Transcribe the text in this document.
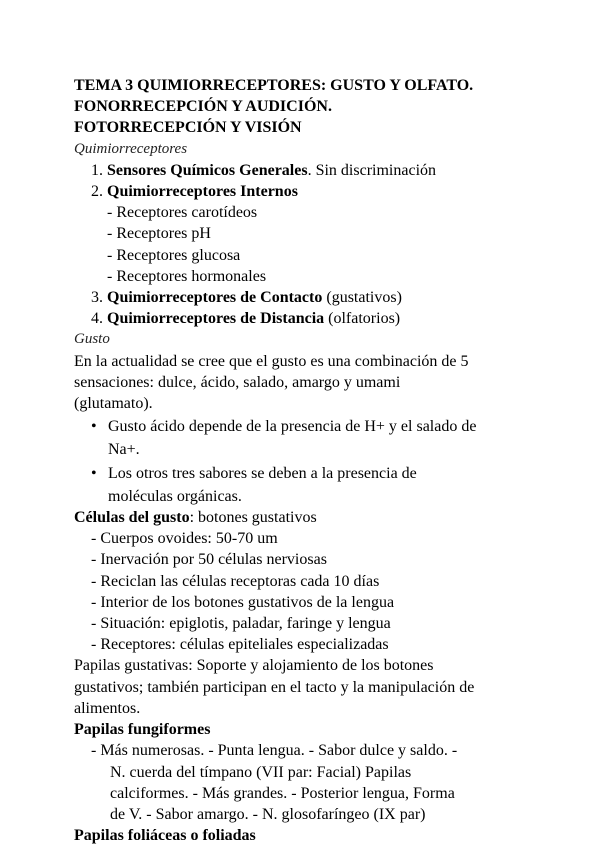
TEMA 3 QUIMIORRECEPTORES: GUSTO Y OLFATO.
FONORRECEPCIÓN Y AUDICIÓN.
FOTORRECEPCIÓN Y VISIÓN
Quimiorreceptores
1. Sensores Químicos Generales. Sin discriminación
2. Quimiorreceptores Internos
- Receptores carotídeos
- Receptores pH
- Receptores glucosa
- Receptores hormonales
3. Quimiorreceptores de Contacto (gustativos)
4. Quimiorreceptores de Distancia (olfatorios)
Gusto
En la actualidad se cree que el gusto es una combinación de 5
sensaciones: dulce, ácido, salado, amargo y umami
(glutamato).
• Gusto ácido depende de la presencia de H+ y el salado de
Na+.
• Los otros tres sabores se deben a la presencia de
moléculas orgánicas.
Células del gusto: botones gustativos
- Cuerpos ovoides: 50-70 um
- Inervación por 50 células nerviosas
- Reciclan las células receptoras cada 10 días
- Interior de los botones gustativos de la lengua
- Situación: epiglotis, paladar, faringe y lengua
- Receptores: células epiteliales especializadas
Papilas gustativas: Soporte y alojamiento de los botones
gustativos; también participan en el tacto y la manipulación de
alimentos.
Papilas fungiformes
- Más numerosas. - Punta lengua. - Sabor dulce y saldo. -
N. cuerda del tímpano (VII par: Facial) Papilas
calciformes. - Más grandes. - Posterior lengua, Forma
de V. - Sabor amargo. - N. glosofaríngeo (IX par)
Papilas foliáceas o foliadas
